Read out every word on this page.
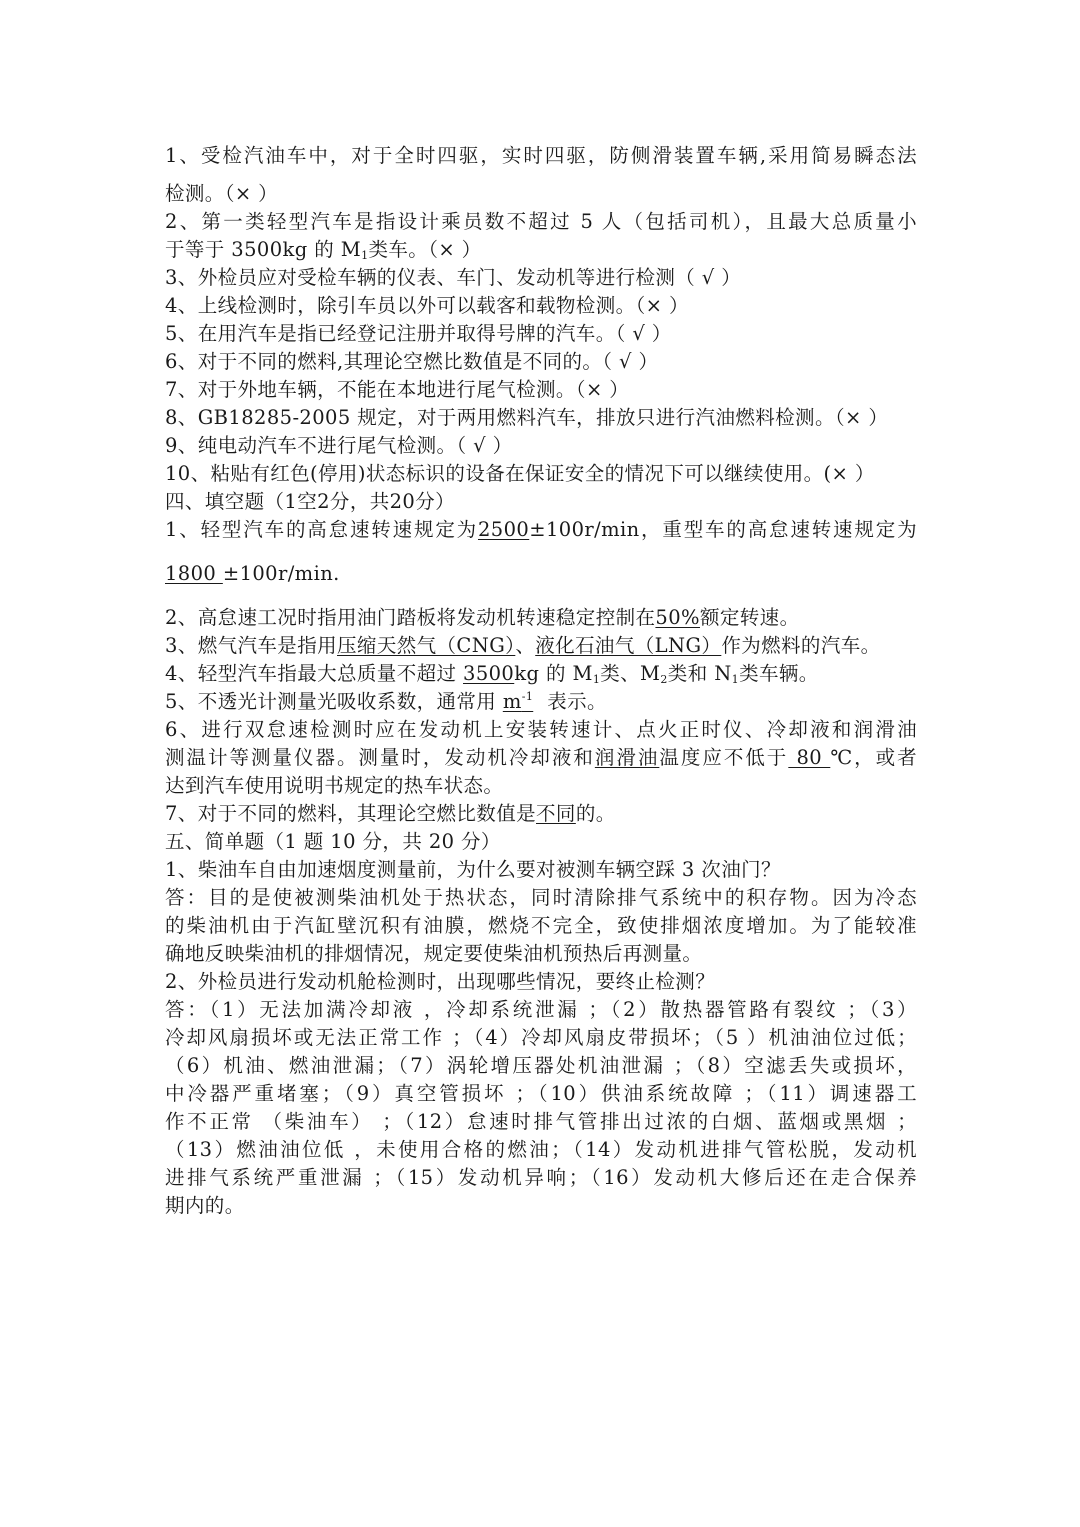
1、受检汽油车中，对于全时四驱，实时四驱，防侧滑装置车辆,采用简易瞬态法
检测。（× ）
2、第一类轻型汽车是指设计乘员数不超过 5 人（包括司机），且最大总质量小
于等于 3500kg 的 $M_1$类车。（× ）
3、外检员应对受检车辆的仪表、车门、发动机等进行检测（ √ ）
4、上线检测时，除引车员以外可以载客和载物检测。（× ）
5、在用汽车是指已经登记注册并取得号牌的汽车。（ √ ）
6、对于不同的燃料,其理论空燃比数值是不同的。（ √ ）
7、对于外地车辆，不能在本地进行尾气检测。（× ）
8、GB18285-2005 规定，对于两用燃料汽车，排放只进行汽油燃料检测。（× ）
9、纯电动汽车不进行尾气检测。（ √ ）
10、粘贴有红色(停用)状态标识的设备在保证安全的情况下可以继续使用。(× ）
四、填空题（1空2分，共20分）
1、轻型汽车的高怠速转速规定为2500±100r/min，重型车的高怠速转速规定为
1800 ±100r/min.
2、高怠速工况时指用油门踏板将发动机转速稳定控制在50%额定转速。
3、燃气汽车是指用压缩天然气（CNG）、液化石油气（LNG）作为燃料的汽车。
4、轻型汽车指最大总质量不超过 3500kg 的 $M_1$类、$M_2$类和 $N_1$类车辆。
5、不透光计测量光吸收系数，通常用 $m^{-1}$ 表示。
6、进行双怠速检测时应在发动机上安装转速计、点火正时仪、冷却液和润滑油
测温计等测量仪器。测量时，发动机冷却液和润滑油温度应不低于 80 ℃，或者
达到汽车使用说明书规定的热车状态。
7、对于不同的燃料，其理论空燃比数值是不同的。
五、简单题（1 题 10 分，共 20 分）
1、柴油车自由加速烟度测量前，为什么要对被测车辆空踩 3 次油门？
答：目的是使被测柴油机处于热状态，同时清除排气系统中的积存物。因为冷态
的柴油机由于汽缸壁沉积有油膜，燃烧不完全，致使排烟浓度增加。为了能较准
确地反映柴油机的排烟情况，规定要使柴油机预热后再测量。
2、外检员进行发动机舱检测时，出现哪些情况，要终止检测？
答：（1）无法加满冷却液 ，冷却系统泄漏 ；（2）散热器管路有裂纹 ；（3）
冷却风扇损坏或无法正常工作 ；（4）冷却风扇皮带损坏；（5 ）机油油位过低；
（6）机油、燃油泄漏；（7）涡轮增压器处机油泄漏 ；（8）空滤丢失或损坏，
中冷器严重堵塞；（9）真空管损坏 ；（10）供油系统故障 ；（11）调速器工
作不正常 （柴油车） ；（12）怠速时排气管排出过浓的白烟、蓝烟或黑烟 ；
（13）燃油油位低 ，未使用合格的燃油；（14）发动机进排气管松脱，发动机
进排气系统严重泄漏 ；（15）发动机异响；（16）发动机大修后还在走合保养
期内的。
